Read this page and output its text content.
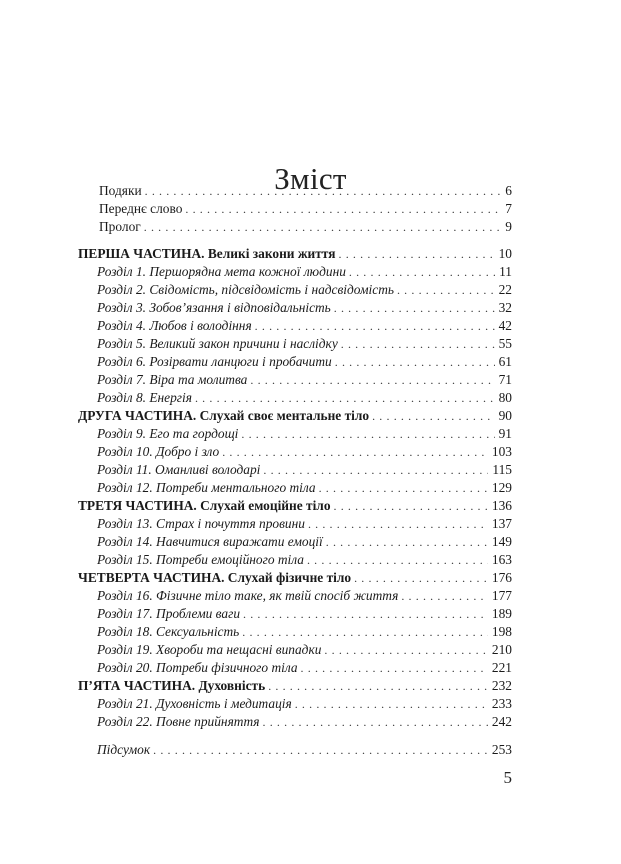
Зміст
Подяки . . .	6
Переднє слово . . .	7
Пролог . . .	9
ПЕРША ЧАСТИНА. Великі закони життя . . .	10
Розділ 1. Першорядна мета кожної людини . . .	11
Розділ 2. Свідомість, підсвідомість і надсвідомість . . .	22
Розділ 3. Зобов’язання і відповідальність . . .	32
Розділ 4. Любов і володіння . . .	42
Розділ 5. Великий закон причини і наслідку . . .	55
Розділ 6. Розірвати ланцюги і пробачити . . .	61
Розділ 7. Віра та молитва . . .	71
Розділ 8. Енергія . . .	80
ДРУГА ЧАСТИНА. Слухай своє ментальне тіло . . .	90
Розділ 9. Его та гордощі . . .	91
Розділ 10. Добро і зло . . .	103
Розділ 11. Оманливі володарі . . .	115
Розділ 12. Потреби ментального тіла . . .	129
ТРЕТЯ ЧАСТИНА. Слухай емоційне тіло . . .	136
Розділ 13. Страх і почуття провини . . .	137
Розділ 14. Навчитися виражати емоції . . .	149
Розділ 15. Потреби емоційного тіла . . .	163
ЧЕТВЕРТА ЧАСТИНА. Слухай фізичне тіло . . .	176
Розділ 16. Фізичне тіло таке, як твій спосіб життя . . .	177
Розділ 17. Проблеми ваги . . .	189
Розділ 18. Сексуальність . . .	198
Розділ 19. Хвороби та нещасні випадки . . .	210
Розділ 20. Потреби фізичного тіла . . .	221
П’ЯТА ЧАСТИНА. Духовність . . .	232
Розділ 21. Духовність і медитація . . .	233
Розділ 22. Повне прийняття . . .	242
Підсумок . . .	253
5
